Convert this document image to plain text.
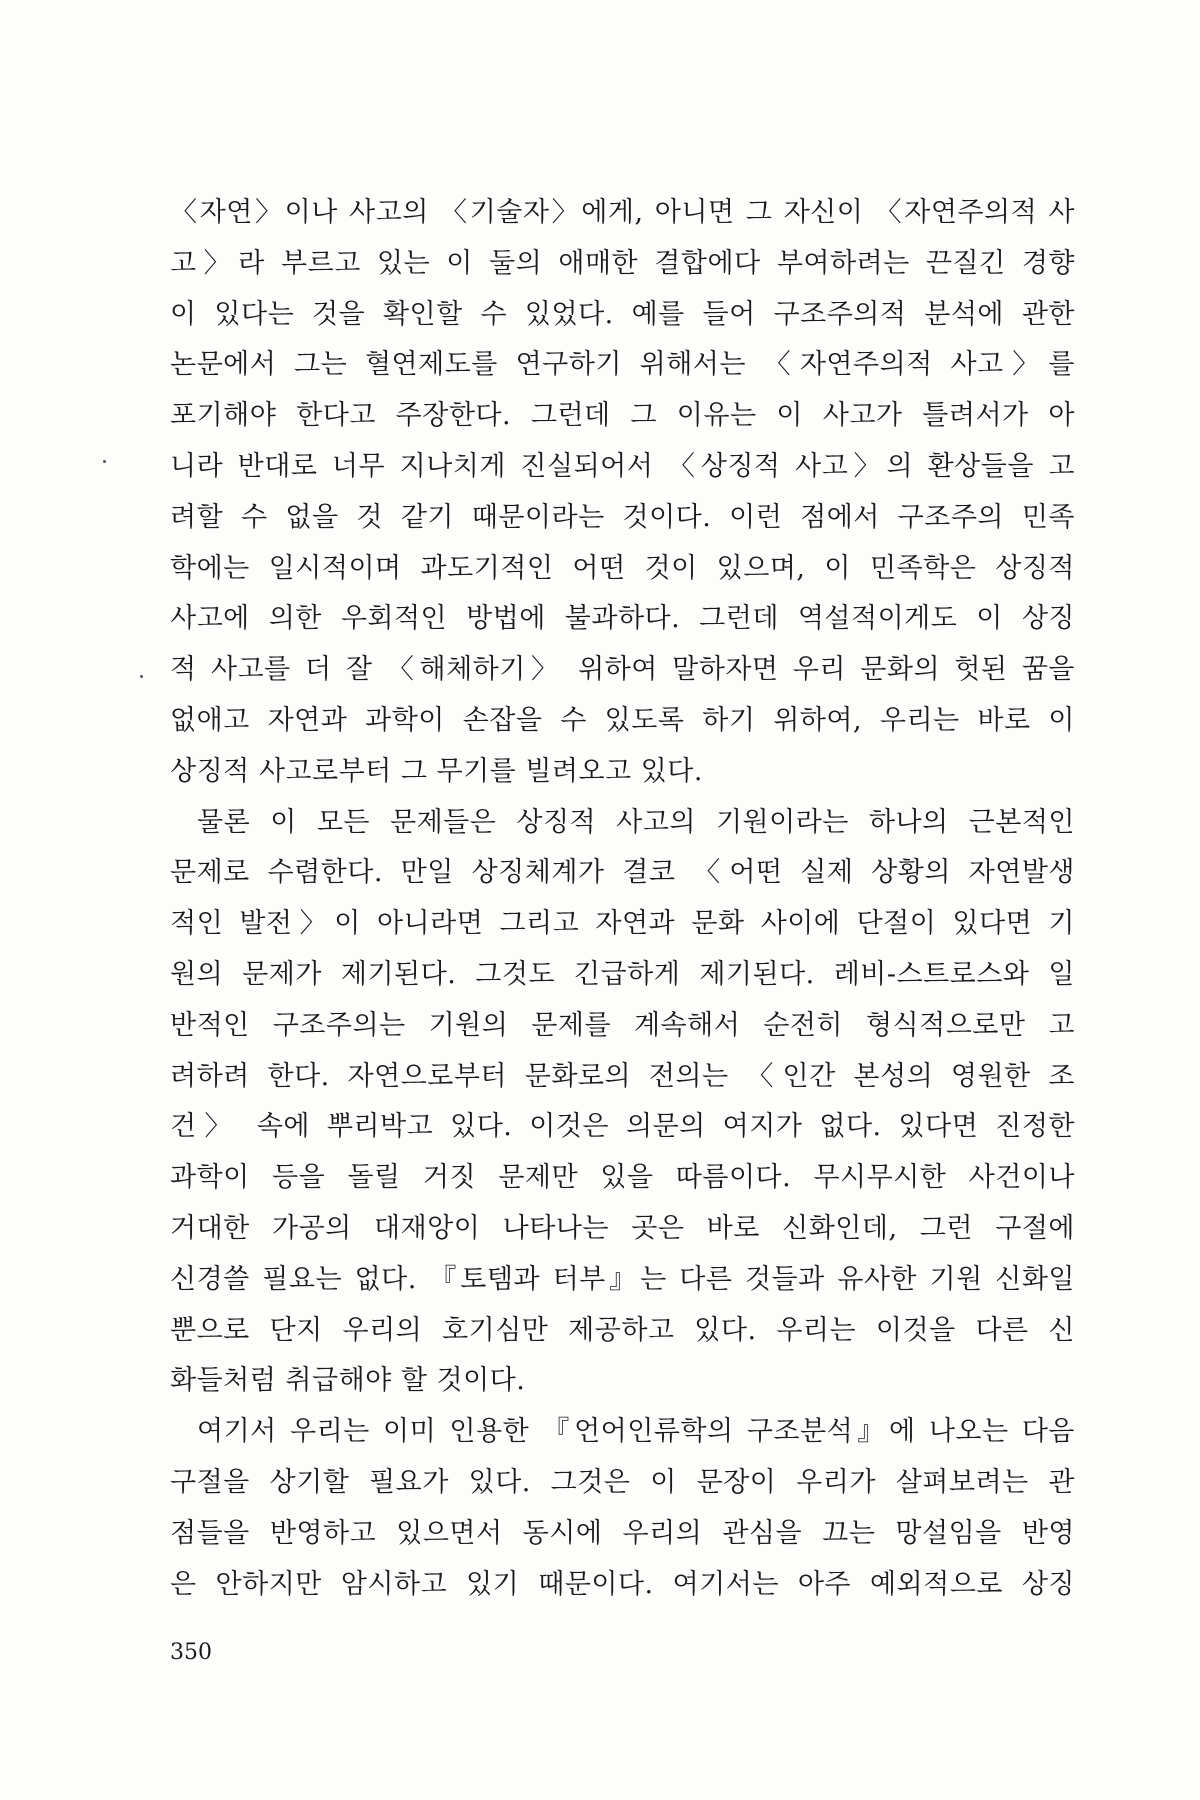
〈자연〉이나 사고의 〈기술자〉에게, 아니면 그 자신이 〈자연주의적 사
고〉라 부르고 있는 이 둘의 애매한 결합에다 부여하려는 끈질긴 경향
이 있다는 것을 확인할 수 있었다. 예를 들어 구조주의적 분석에 관한
논문에서 그는 혈연제도를 연구하기 위해서는 〈자연주의적 사고〉를
포기해야 한다고 주장한다. 그런데 그 이유는 이 사고가 틀려서가 아
니라 반대로 너무 지나치게 진실되어서 〈상징적 사고〉의 환상들을 고
려할 수 없을 것 같기 때문이라는 것이다. 이런 점에서 구조주의 민족
학에는 일시적이며 과도기적인 어떤 것이 있으며, 이 민족학은 상징적
사고에 의한 우회적인 방법에 불과하다. 그런데 역설적이게도 이 상징
적 사고를 더 잘 〈해체하기〉 위하여 말하자면 우리 문화의 헛된 꿈을
없애고 자연과 과학이 손잡을 수 있도록 하기 위하여, 우리는 바로 이
상징적 사고로부터 그 무기를 빌려오고 있다.
물론 이 모든 문제들은 상징적 사고의 기원이라는 하나의 근본적인
문제로 수렴한다. 만일 상징체계가 결코 〈어떤 실제 상황의 자연발생
적인 발전〉이 아니라면 그리고 자연과 문화 사이에 단절이 있다면 기
원의 문제가 제기된다. 그것도 긴급하게 제기된다. 레비-스트로스와 일
반적인 구조주의는 기원의 문제를 계속해서 순전히 형식적으로만 고
려하려 한다. 자연으로부터 문화로의 전의는 〈인간 본성의 영원한 조
건〉 속에 뿌리박고 있다. 이것은 의문의 여지가 없다. 있다면 진정한
과학이 등을 돌릴 거짓 문제만 있을 따름이다. 무시무시한 사건이나
거대한 가공의 대재앙이 나타나는 곳은 바로 신화인데, 그런 구절에
신경쓸 필요는 없다. 『토템과 터부』는 다른 것들과 유사한 기원 신화일
뿐으로 단지 우리의 호기심만 제공하고 있다. 우리는 이것을 다른 신
화들처럼 취급해야 할 것이다.
여기서 우리는 이미 인용한 『언어인류학의 구조분석』에 나오는 다음
구절을 상기할 필요가 있다. 그것은 이 문장이 우리가 살펴보려는 관
점들을 반영하고 있으면서 동시에 우리의 관심을 끄는 망설임을 반영
은 안하지만 암시하고 있기 때문이다. 여기서는 아주 예외적으로 상징
350
